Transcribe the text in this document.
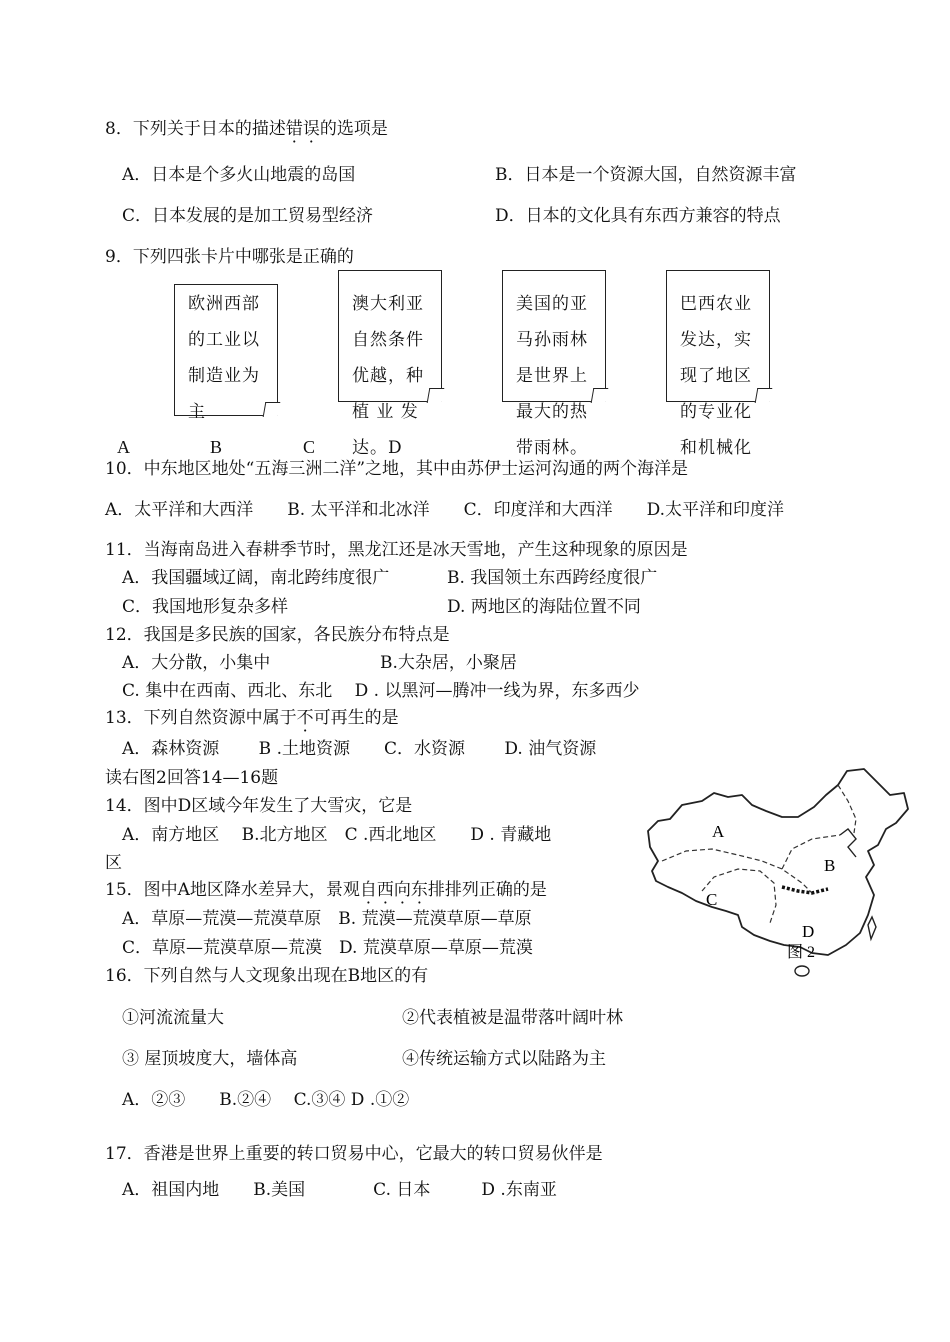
8．下列关于日本的描述错误的选项是
A．日本是个多火山地震的岛国	B．日本是一个资源大国，自然资源丰富
C．日本发展的是加工贸易型经济	D．日本的文化具有东西方兼容的特点
9．下列四张卡片中哪张是正确的
欧洲西部
的工业以
制造业为
主
澳大利亚
自然条件
优越，种
植 业 发
达。D
美国的亚
马孙雨林
是世界上
最大的热
带雨林。
巴西农业
发达，实
现了地区
的专业化
和机械化
A	B	C
10．中东地区地处“五海三洲二洋”之地，其中由苏伊士运河沟通的两个海洋是
A．太平洋和大西洋　　B. 太平洋和北冰洋　　C．印度洋和大西洋　　D.太平洋和印度洋
11．当海南岛进入春耕季节时，黑龙江还是冰天雪地，产生这种现象的原因是
A．我国疆域辽阔，南北跨纬度很广	B. 我国领土东西跨经度很广
C．我国地形复杂多样	D. 两地区的海陆位置不同
12．我国是多民族的国家，各民族分布特点是
A．大分散，小集中	B.大杂居，小聚居
C. 集中在西南、西北、东北　 D . 以黑河—腾冲一线为界，东多西少
13．下列自然资源中属于不可再生的是
A．森林资源　　 B .土地资源　　C．水资源　　 D. 油气资源
读右图2回答14—16题
14．图中D区域今年发生了大雪灾，它是
A．南方地区　 B.北方地区　C .西北地区　　D . 青藏地
区
15．图中A地区降水差异大，景观自西向东排排列正确的是
A．草原—荒漠—荒漠草原　B. 荒漠—荒漠草原—草原
C．草原—荒漠草原—荒漠　D. 荒漠草原—草原—荒漠
16．下列自然与人文现象出现在B地区的有
①河流流量大	②代表植被是温带落叶阔叶林
③ 屋顶坡度大，墙体高	④传统运输方式以陆路为主
A．②③　　B.②④　 C.③④ D .①②
17．香港是世界上重要的转口贸易中心，它最大的转口贸易伙伴是
A．祖国内地　　B.美国　　　　C. 日本　　　D .东南亚
A
B
C
D
图 2
